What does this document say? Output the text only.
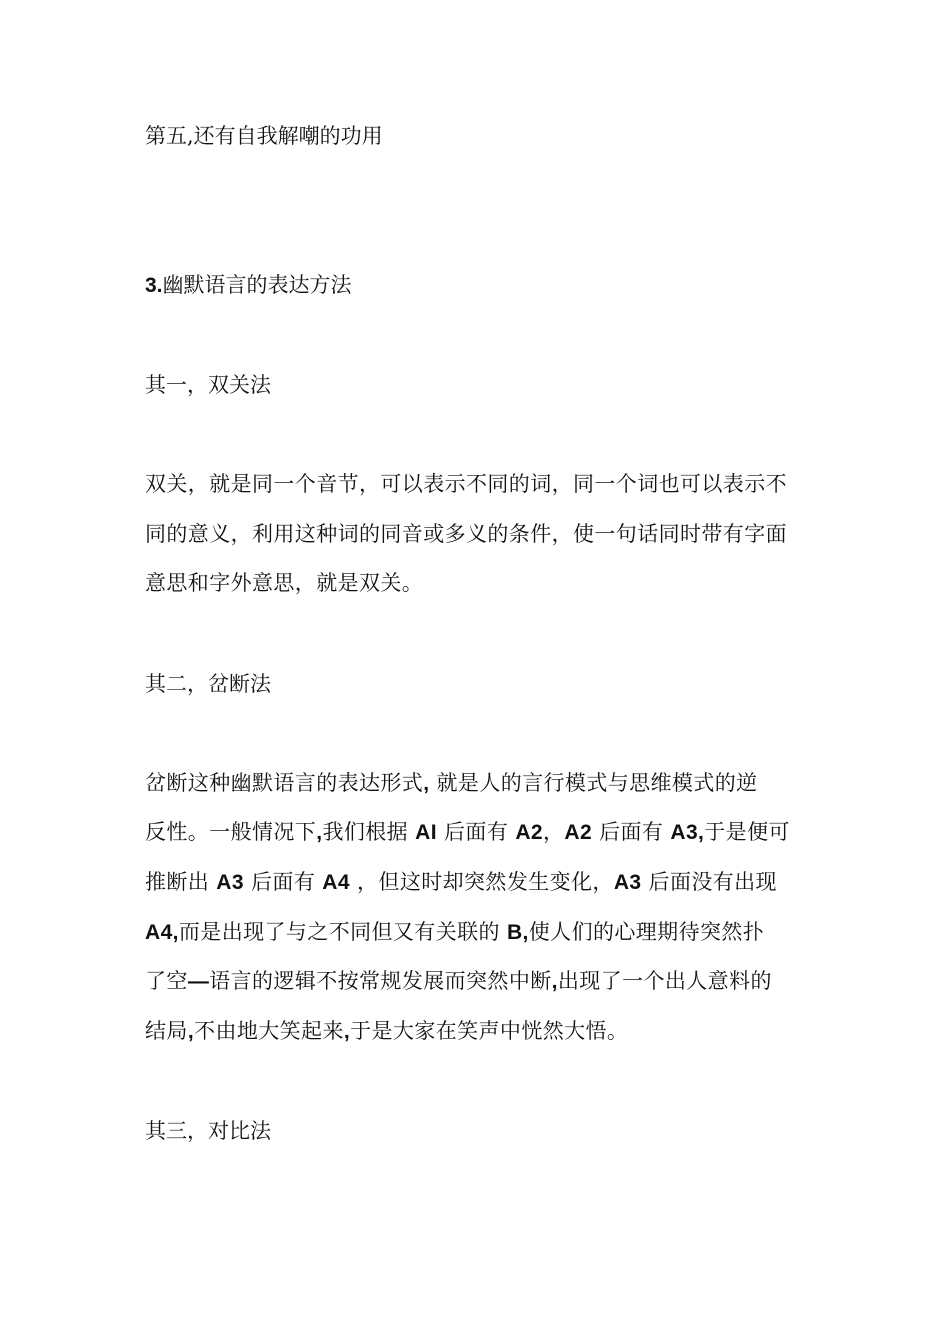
第五,还有自我解嘲的功用
3.幽默语言的表达方法
其一，双关法
双关，就是同一个音节，可以表示不同的词，同一个词也可以表示不
同的意义，利用这种词的同音或多义的条件，使一句话同时带有字面
意思和字外意思，就是双关。
其二，岔断法
岔断这种幽默语言的表达形式, 就是人的言行模式与思维模式的逆
反性。一般情况下,我们根据 AI 后面有 A2，A2 后面有 A3,于是便可
推断出 A3 后面有 A4 ，但这时却突然发生变化，A3 后面没有出现
A4,而是出现了与之不同但又有关联的 B,使人们的心理期待突然扑
了空—语言的逻辑不按常规发展而突然中断,出现了一个出人意料的
结局,不由地大笑起来,于是大家在笑声中恍然大悟。
其三，对比法
